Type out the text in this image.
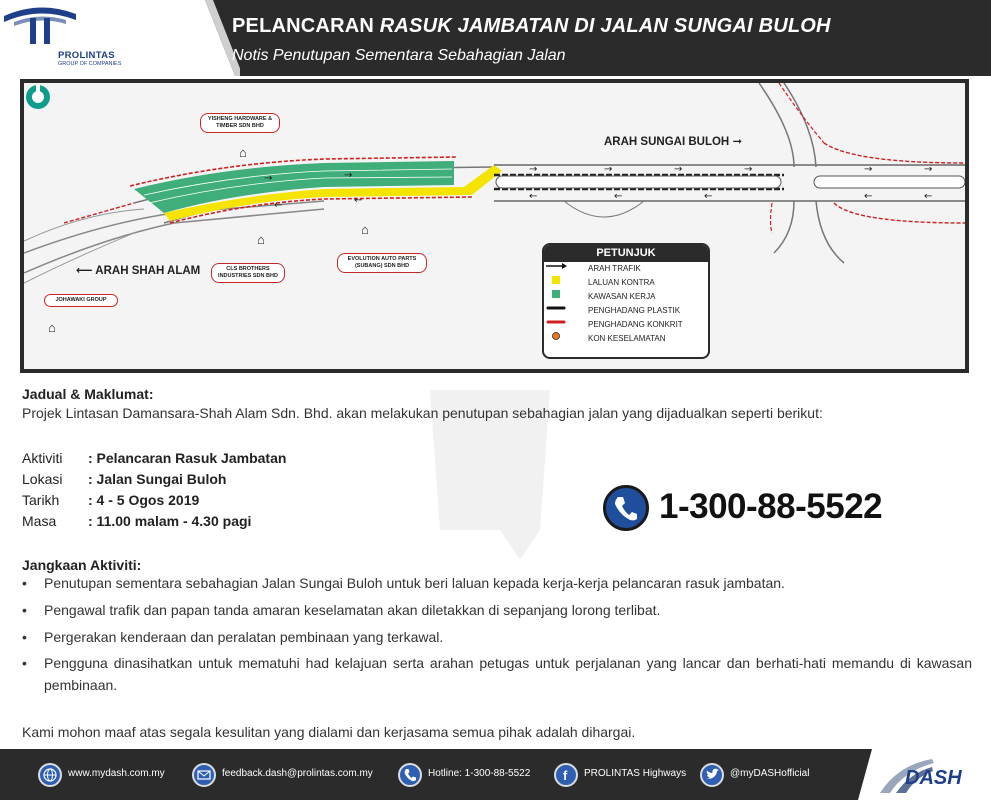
PROLINTAS
GROUP OF COMPANIES
PELANCARAN RASUK JAMBATAN DI JALAN SUNGAI BULOH
Notis Penutupan Sementara Sebahagian Jalan
→	→	→	→	→	→
←	←	←	←	←
→	→
←	←
ARAH SUNGAI BULOH ➞
⟵ ARAH SHAH ALAM
YISHENG HARDWARE & TIMBER SDN BHD
⌂
CLS BROTHERS INDUSTRIES SDN BHD
⌂
EVOLUTION AUTO PARTS (SUBANG) SDN BHD
⌂
JOHAWAKI GROUP
⌂
PETUNJUK
ARAH TRAFIK
LALUAN KONTRA
KAWASAN KERJA
PENGHADANG PLASTIK
PENGHADANG KONKRIT
KON KESELAMATAN
Jadual & Maklumat:
Projek Lintasan Damansara-Shah Alam Sdn. Bhd. akan melakukan penutupan sebahagian jalan yang dijadualkan seperti berikut:
Aktiviti : Pelancaran Rasuk Jambatan
Lokasi : Jalan Sungai Buloh
Tarikh : 4 - 5 Ogos 2019
Masa : 11.00 malam - 4.30 pagi	1-300-88-5522
Jangkaan Aktiviti:
• Penutupan sementara sebahagian Jalan Sungai Buloh untuk beri laluan kepada kerja-kerja pelancaran rasuk jambatan.
• Pengawal trafik dan papan tanda amaran keselamatan akan diletakkan di sepanjang lorong terlibat.
• Pergerakan kenderaan dan peralatan pembinaan yang terkawal.
• Pengguna dinasihatkan untuk mematuhi had kelajuan serta arahan petugas untuk perjalanan yang lancar dan berhati-hati memandu di kawasan pembinaan.
Kami mohon maaf atas segala kesulitan yang dialami dan kerjasama semua pihak adalah dihargai.
www.mydash.com.my	feedback.dash@prolintas.com.my	Hotline: 1-300-88-5522	f PROLINTAS Highways	@myDASHofficial	DASH
